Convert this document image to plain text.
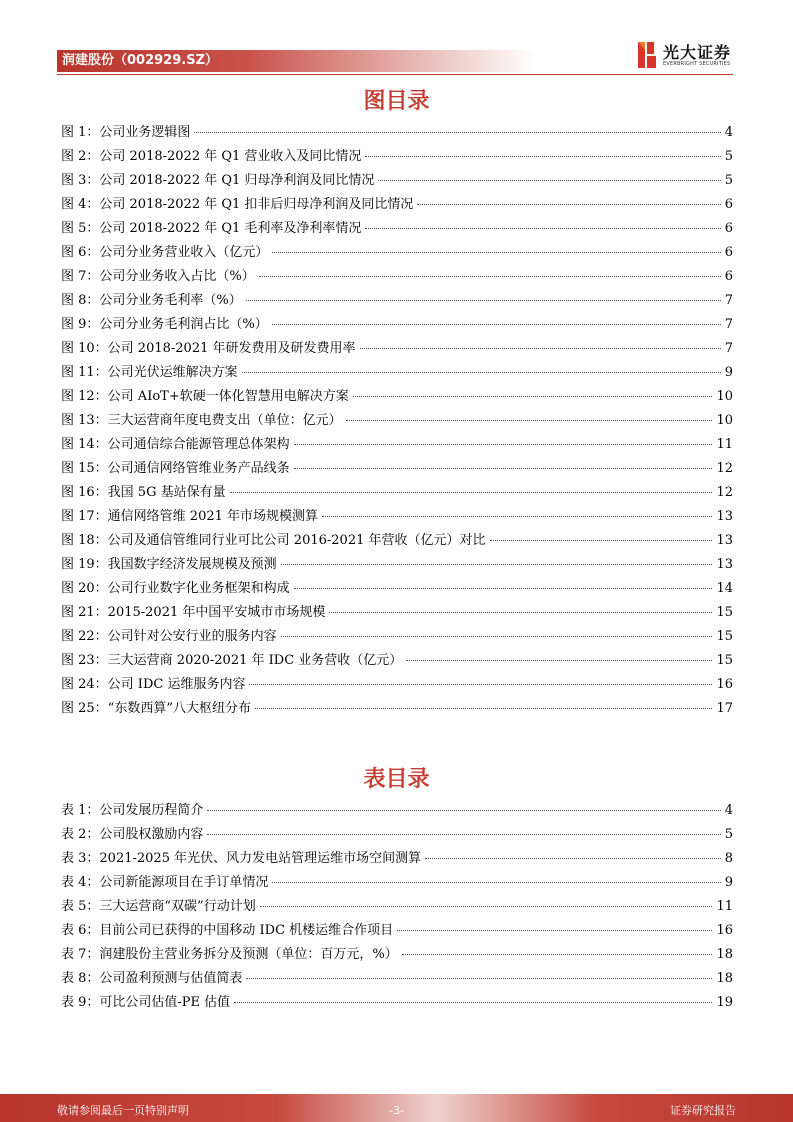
润建股份（002929.SZ）	光大证券
EVERBRIGHT SECURITIES
图目录
图 1：公司业务逻辑图	4
图 2：公司 2018-2022 年 Q1 营业收入及同比情况	5
图 3：公司 2018-2022 年 Q1 归母净利润及同比情况	5
图 4：公司 2018-2022 年 Q1 扣非后归母净利润及同比情况	6
图 5：公司 2018-2022 年 Q1 毛利率及净利率情况	6
图 6：公司分业务营业收入（亿元）	6
图 7：公司分业务收入占比（%）	6
图 8：公司分业务毛利率（%）	7
图 9：公司分业务毛利润占比（%）	7
图 10：公司 2018-2021 年研发费用及研发费用率	7
图 11：公司光伏运维解决方案	9
图 12：公司 AIoT+软硬一体化智慧用电解决方案	10
图 13：三大运营商年度电费支出（单位：亿元）	10
图 14：公司通信综合能源管理总体架构	11
图 15：公司通信网络管维业务产品线条	12
图 16：我国 5G 基站保有量	12
图 17：通信网络管维 2021 年市场规模测算	13
图 18：公司及通信管维同行业可比公司 2016-2021 年营收（亿元）对比	13
图 19：我国数字经济发展规模及预测	13
图 20：公司行业数字化业务框架和构成	14
图 21：2015-2021 年中国平安城市市场规模	15
图 22：公司针对公安行业的服务内容	15
图 23：三大运营商 2020-2021 年 IDC 业务营收（亿元）	15
图 24：公司 IDC 运维服务内容	16
图 25：“东数西算”八大枢纽分布	17
表目录
表 1：公司发展历程简介	4
表 2：公司股权激励内容	5
表 3：2021-2025 年光伏、风力发电站管理运维市场空间测算	8
表 4：公司新能源项目在手订单情况	9
表 5：三大运营商“双碳”行动计划	11
表 6：目前公司已获得的中国移动 IDC 机楼运维合作项目	16
表 7：润建股份主营业务拆分及预测（单位：百万元，%）	18
表 8：公司盈利预测与估值简表	18
表 9：可比公司估值-PE 估值	19
敬请参阅最后一页特别声明	-3-	证券研究报告
